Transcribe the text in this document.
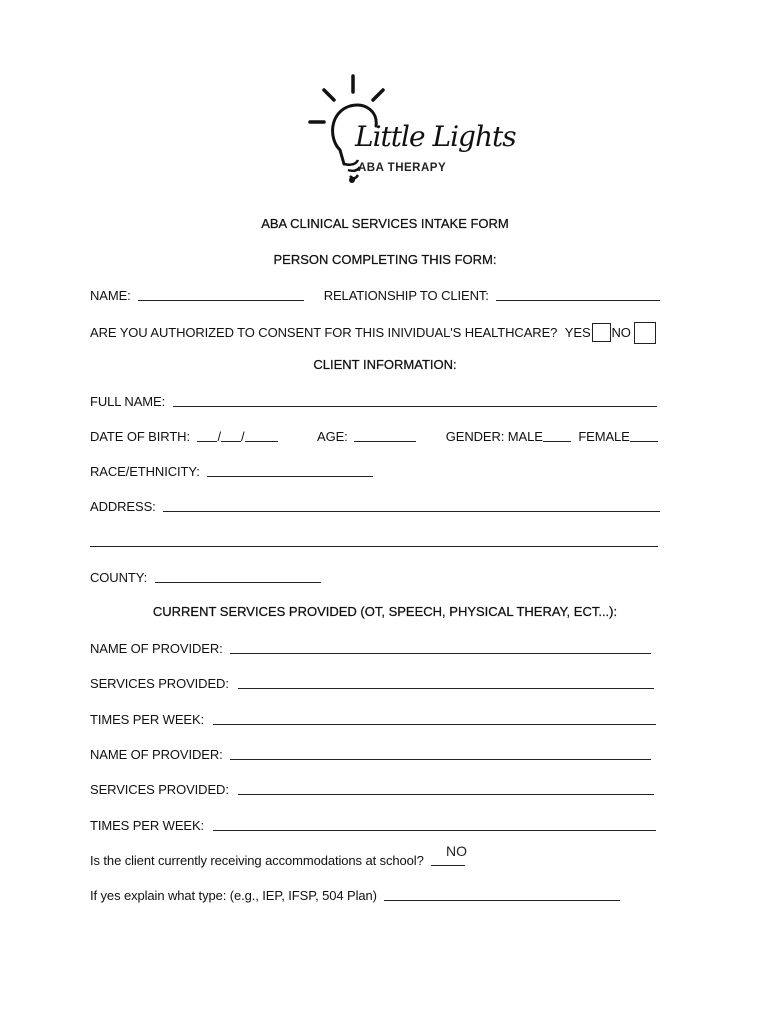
Little Lights
ABA THERAPY
ABA CLINICAL SERVICES INTAKE FORM
PERSON COMPLETING THIS FORM:
NAME:	RELATIONSHIP TO CLIENT:
ARE YOU AUTHORIZED TO CONSENT FOR THIS INIVIDUAL'S HEALTHCARE? YES NO
CLIENT INFORMATION:
FULL NAME:
DATE OF BIRTH: / /	AGE:	GENDER: MALE	FEMALE
RACE/ETHNICITY:
ADDRESS:
COUNTY:
CURRENT SERVICES PROVIDED (OT, SPEECH, PHYSICAL THERAY, ECT...):
NAME OF PROVIDER:
SERVICES PROVIDED:
TIMES PER WEEK:
NAME OF PROVIDER:
SERVICES PROVIDED:
TIMES PER WEEK:
Is the client currently receiving accommodations at school?
NO
If yes explain what type: (e.g., IEP, IFSP, 504 Plan)
